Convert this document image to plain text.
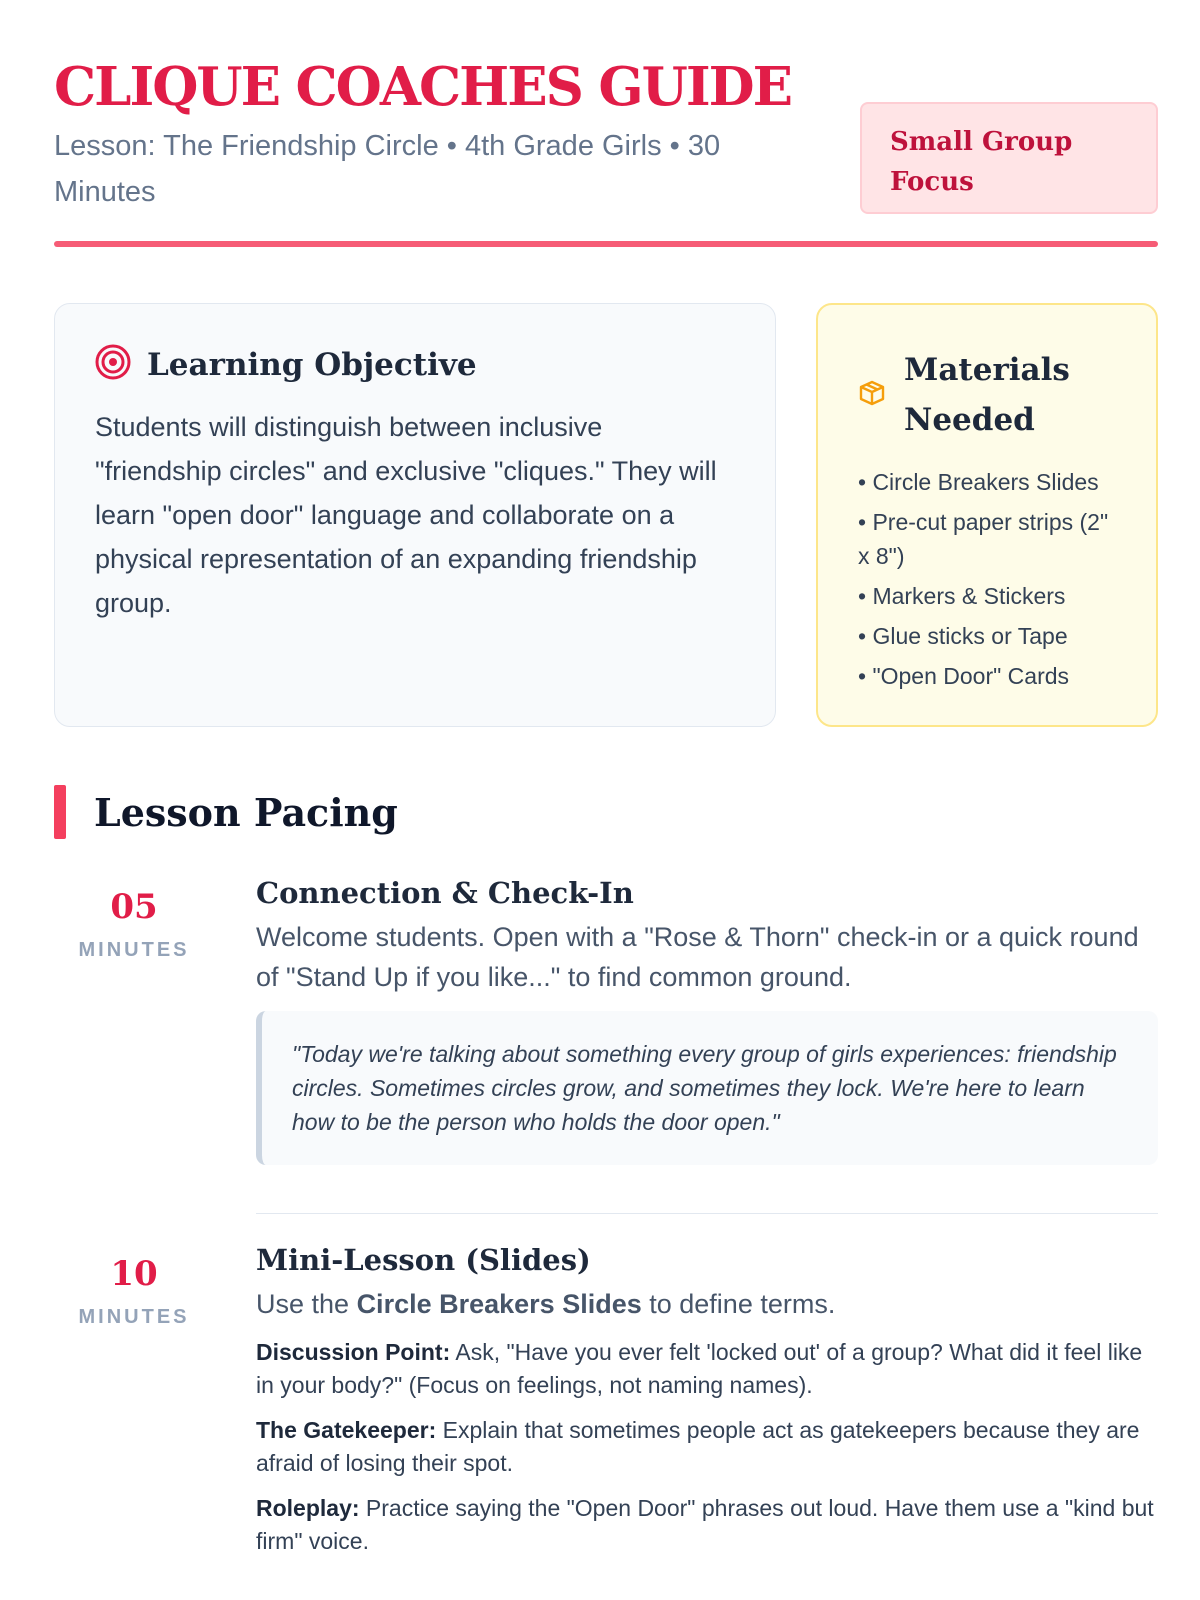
CLIQUE COACHES GUIDE
Lesson: The Friendship Circle • 4th Grade Girls • 30 Minutes
Small Group Focus
Learning Objective
Students will distinguish between inclusive "friendship circles" and exclusive "cliques." They will learn "open door" language and collaborate on a physical representation of an expanding friendship group.
Materials Needed
• Circle Breakers Slides
• Pre-cut paper strips (2" x 8")
• Markers & Stickers
• Glue sticks or Tape
• "Open Door" Cards
Lesson Pacing
05
MINUTES
Connection & Check-In
Welcome students. Open with a "Rose & Thorn" check-in or a quick round of "Stand Up if you like..." to find common ground.
"Today we're talking about something every group of girls experiences: friendship circles. Sometimes circles grow, and sometimes they lock. We're here to learn how to be the person who holds the door open."
10
MINUTES
Mini-Lesson (Slides)
Use the Circle Breakers Slides to define terms.
Discussion Point: Ask, "Have you ever felt 'locked out' of a group? What did it feel like in your body?" (Focus on feelings, not naming names).
The Gatekeeper: Explain that sometimes people act as gatekeepers because they are afraid of losing their spot.
Roleplay: Practice saying the "Open Door" phrases out loud. Have them use a "kind but firm" voice.
